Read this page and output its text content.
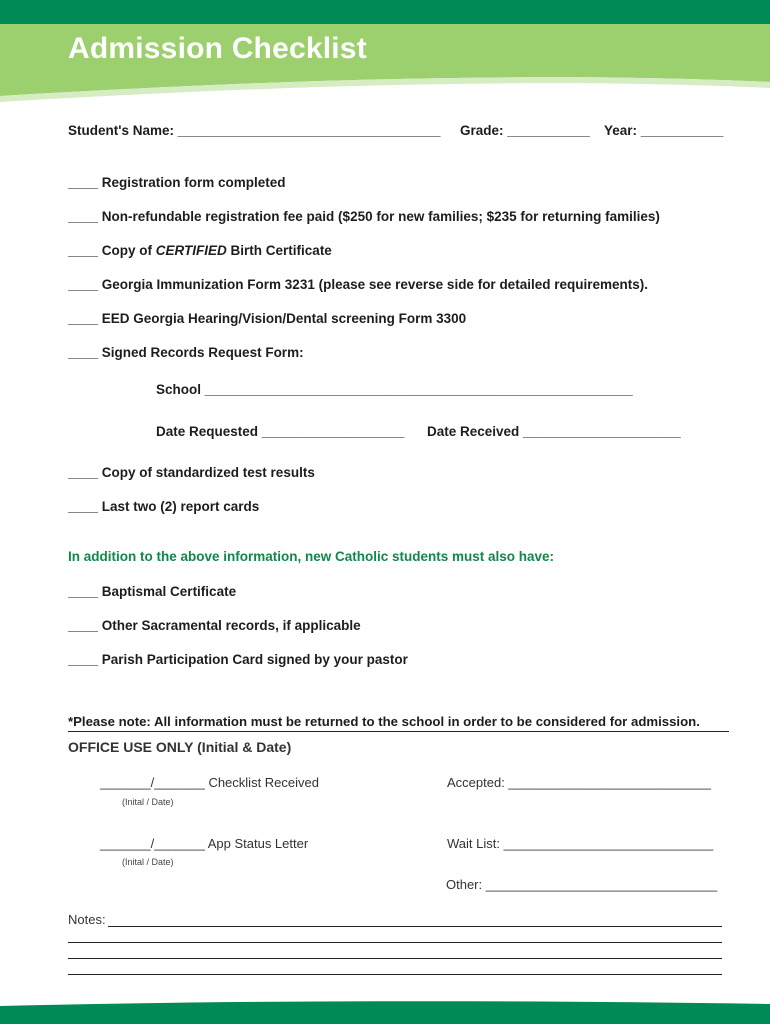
Admission Checklist
Student's Name: ___________________________________ Grade: ___________ Year: ___________
____ Registration form completed
____ Non-refundable registration fee paid ($250 for new families; $235 for returning families)
____ Copy of CERTIFIED Birth Certificate
____ Georgia Immunization Form 3231 (please see reverse side for detailed requirements).
____ EED Georgia Hearing/Vision/Dental screening Form 3300
____ Signed Records Request Form:
School _________________________________________________________
Date Requested ___________________ Date Received _____________________
____ Copy of standardized test results
____ Last two (2) report cards
In addition to the above information, new Catholic students must also have:
____ Baptismal Certificate
____ Other Sacramental records, if applicable
____ Parish Participation Card signed by your pastor
*Please note: All information must be returned to the school in order to be considered for admission.
OFFICE USE ONLY (Initial & Date)
_______/_______ Checklist Received
(Inital / Date)
Accepted: ____________________________
_______/_______ App Status Letter
(Inital / Date)
Wait List: _____________________________
Other: ________________________________
Notes:
